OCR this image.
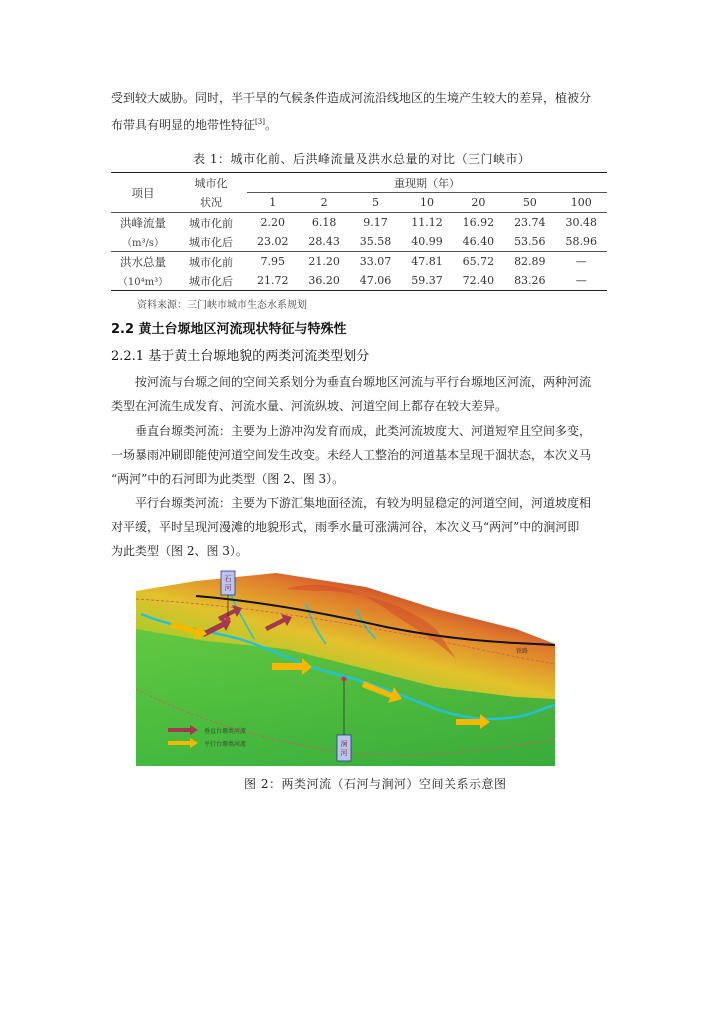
受到较大威胁。同时，半干旱的气候条件造成河流沿线地区的生境产生较大的差异，植被分
布带具有明显的地带性特征[3]。
表 1：城市化前、后洪峰流量及洪水总量的对比（三门峡市）
项目	城市化	重现期（年）						
	状况	1	2	5	10	20	50	100
洪峰流量	城市化前	2.20	6.18	9.17	11.12	16.92	23.74	30.48
（m³/s）	城市化后	23.02	28.43	35.58	40.99	46.40	53.56	58.96
洪水总量	城市化前	7.95	21.20	33.07	47.81	65.72	82.89	—
（10⁴m³）	城市化后	21.72	36.20	47.06	59.37	72.40	83.26	—
资料来源：三门峡市城市生态水系规划
2.2 黄土台塬地区河流现状特征与特殊性
2.2.1 基于黄土台塬地貌的两类河流类型划分
按河流与台塬之间的空间关系划分为垂直台塬地区河流与平行台塬地区河流，两种河流
类型在河流生成发育、河流水量、河流纵坡、河道空间上都存在较大差异。
垂直台塬类河流：主要为上游冲沟发育而成，此类河流坡度大、河道短窄且空间多变，
一场暴雨冲刷即能使河道空间发生改变。未经人工整治的河道基本呈现干涸状态，本次义马
“两河”中的石河即为此类型（图 2、图 3）。
平行台塬类河流：主要为下游汇集地面径流，有较为明显稳定的河道空间，河道坡度相
对平缓，平时呈现河漫滩的地貌形式，雨季水量可涨满河谷，本次义马“两河”中的涧河即
为此类型（图 2、图 3）。
铁路
石河
涧河
垂直台塬类河流
平行台塬类河流
图 2：两类河流（石河与涧河）空间关系示意图
